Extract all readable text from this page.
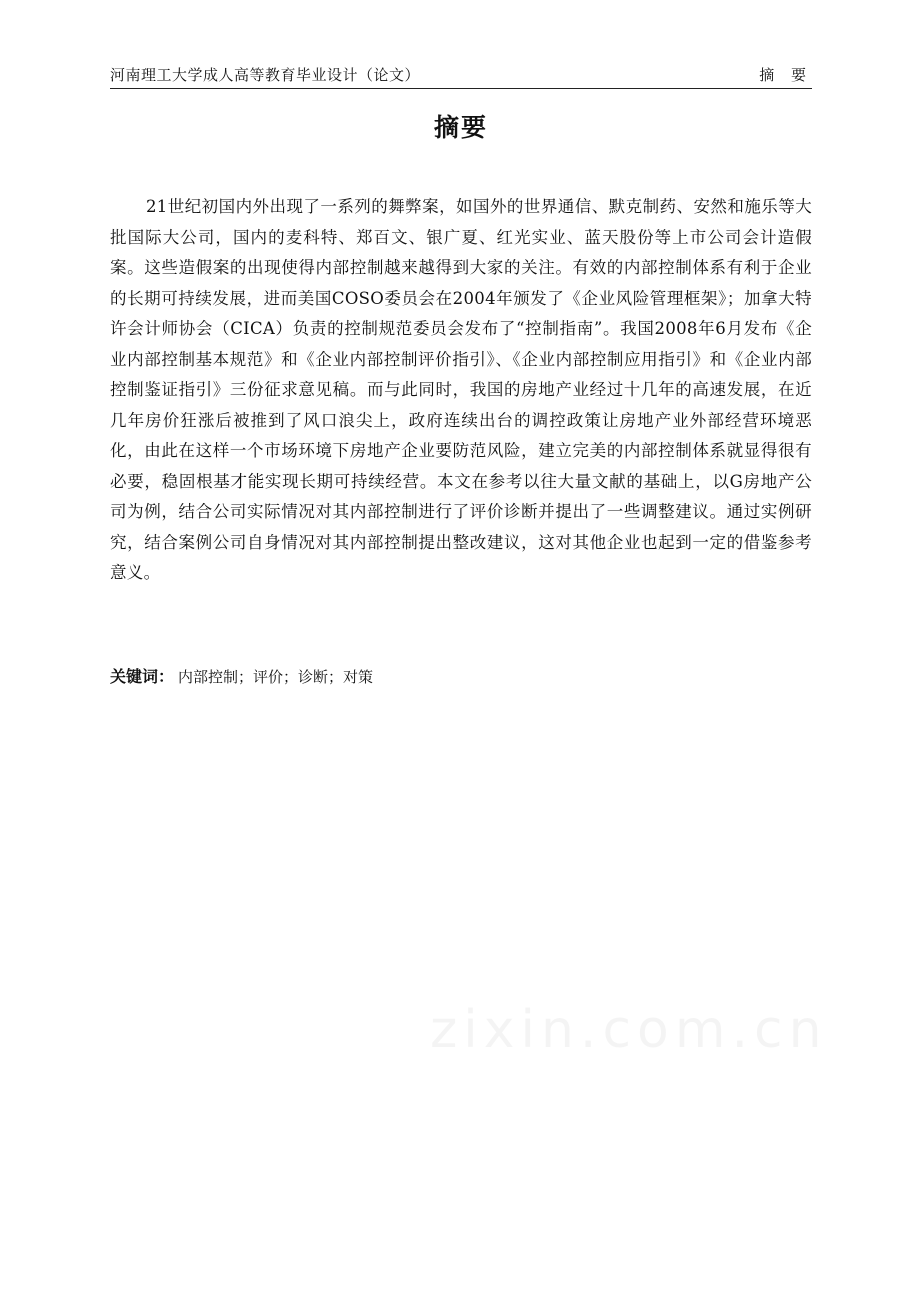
河南理工大学成人高等教育毕业设计（论文）	摘 要
摘要

21世纪初国内外出现了一系列的舞弊案，如国外的世界通信、默克制药、安然和施乐等大批国际大公司，国内的麦科特、郑百文、银广夏、红光实业、蓝天股份等上市公司会计造假案。这些造假案的出现使得内部控制越来越得到大家的关注。有效的内部控制体系有利于企业的长期可持续发展，进而美国COSO委员会在2004年颁发了《企业风险管理框架》；加拿大特许会计师协会（CICA）负责的控制规范委员会发布了“控制指南”。我国2008年6月发布《企业内部控制基本规范》和《企业内部控制评价指引》、《企业内部控制应用指引》和《企业内部控制鉴证指引》三份征求意见稿。而与此同时，我国的房地产业经过十几年的高速发展，在近几年房价狂涨后被推到了风口浪尖上，政府连续出台的调控政策让房地产业外部经营环境恶化，由此在这样一个市场环境下房地产企业要防范风险，建立完美的内部控制体系就显得很有必要，稳固根基才能实现长期可持续经营。本文在参考以往大量文献的基础上，以G房地产公司为例，结合公司实际情况对其内部控制进行了评价诊断并提出了一些调整建议。通过实例研究，结合案例公司自身情况对其内部控制提出整改建议，这对其他企业也起到一定的借鉴参考意义。

关键词： 内部控制；评价；诊断；对策
